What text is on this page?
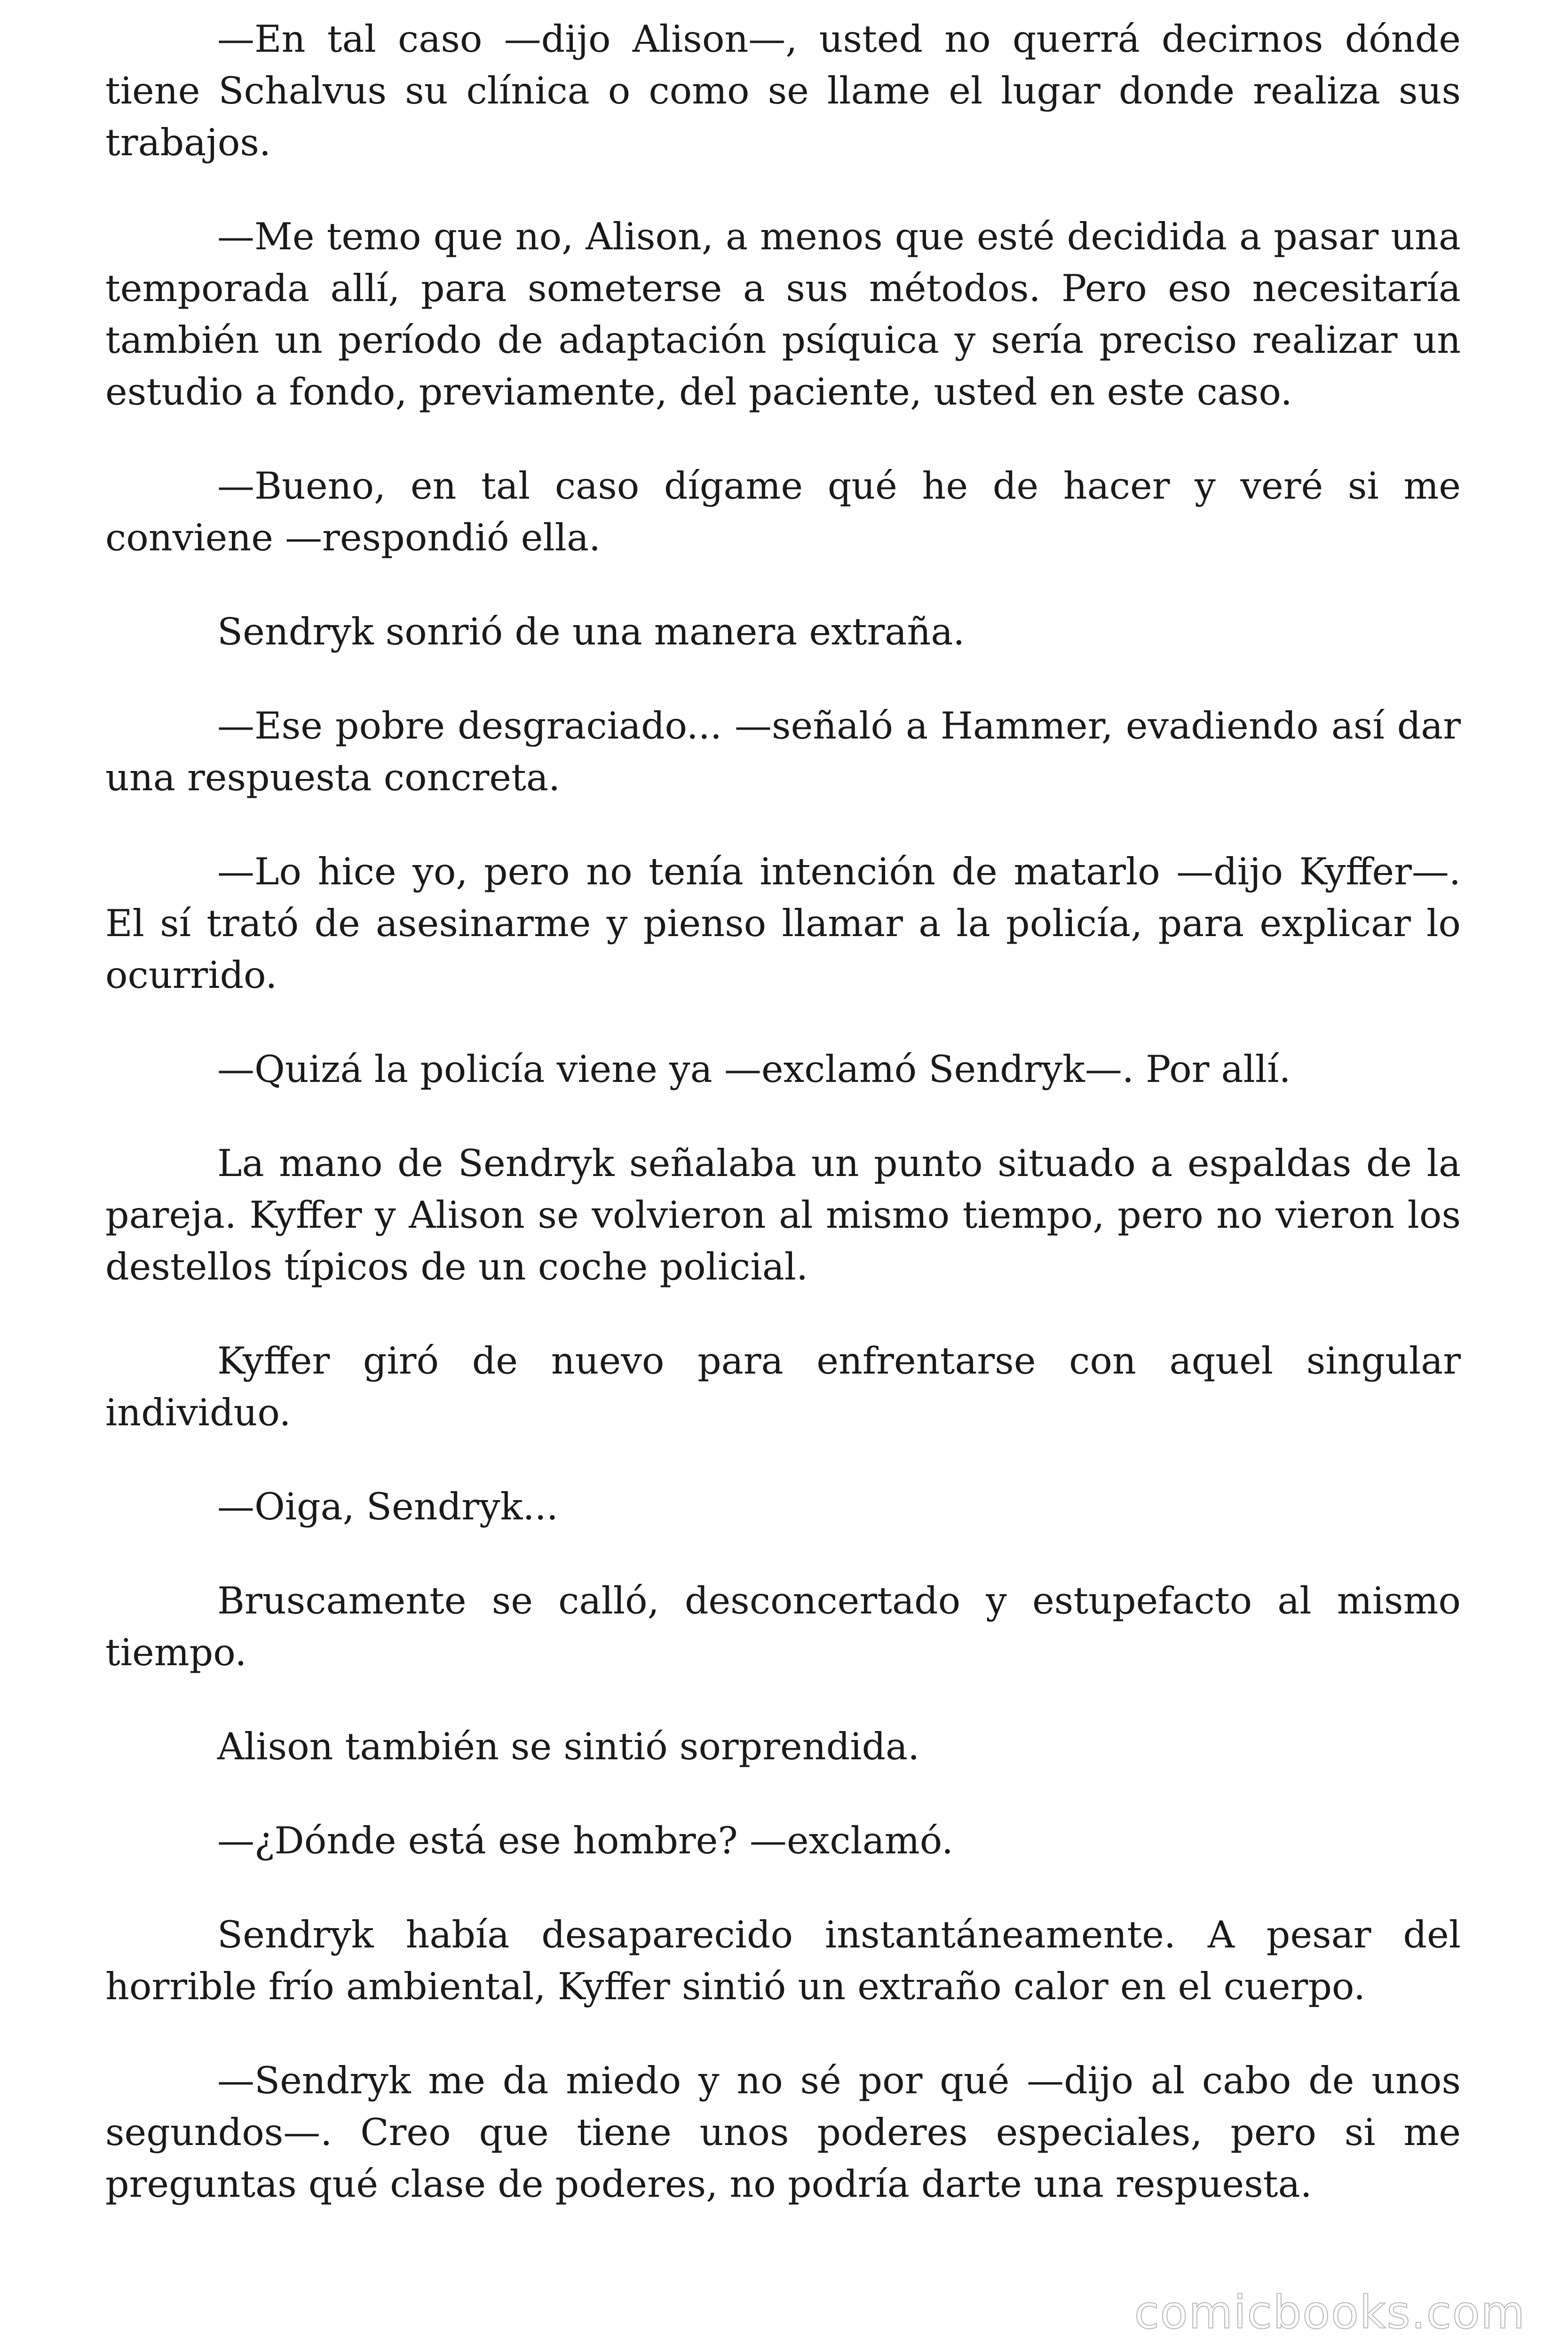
—En tal caso —dijo Alison—, usted no querrá decirnos dónde tiene Schalvus su clínica o como se llame el lugar donde realiza sus trabajos.

—Me temo que no, Alison, a menos que esté decidida a pasar una temporada allí, para someterse a sus métodos. Pero eso necesitaría también un período de adaptación psíquica y sería preciso realizar un estudio a fondo, previamente, del paciente, usted en este caso.

—Bueno, en tal caso dígame qué he de hacer y veré si me conviene —respondió ella.

Sendryk sonrió de una manera extraña.

—Ese pobre desgraciado... —señaló a Hammer, evadiendo así dar una respuesta concreta.

—Lo hice yo, pero no tenía intención de matarlo —dijo Kyffer—. El sí trató de asesinarme y pienso llamar a la policía, para explicar lo ocurrido.

—Quizá la policía viene ya —exclamó Sendryk—. Por allí.

La mano de Sendryk señalaba un punto situado a espaldas de la pareja. Kyffer y Alison se volvieron al mismo tiempo, pero no vieron los destellos típicos de un coche policial.

Kyffer giró de nuevo para enfrentarse con aquel singular individuo.

—Oiga, Sendryk...

Bruscamente se calló, desconcertado y estupefacto al mismo tiempo.

Alison también se sintió sorprendida.

—¿Dónde está ese hombre? —exclamó.

Sendryk había desaparecido instantáneamente. A pesar del horrible frío ambiental, Kyffer sintió un extraño calor en el cuerpo.

—Sendryk me da miedo y no sé por qué —dijo al cabo de unos segundos—. Creo que tiene unos poderes especiales, pero si me preguntas qué clase de poderes, no podría darte una respuesta.

comicbooks.com
